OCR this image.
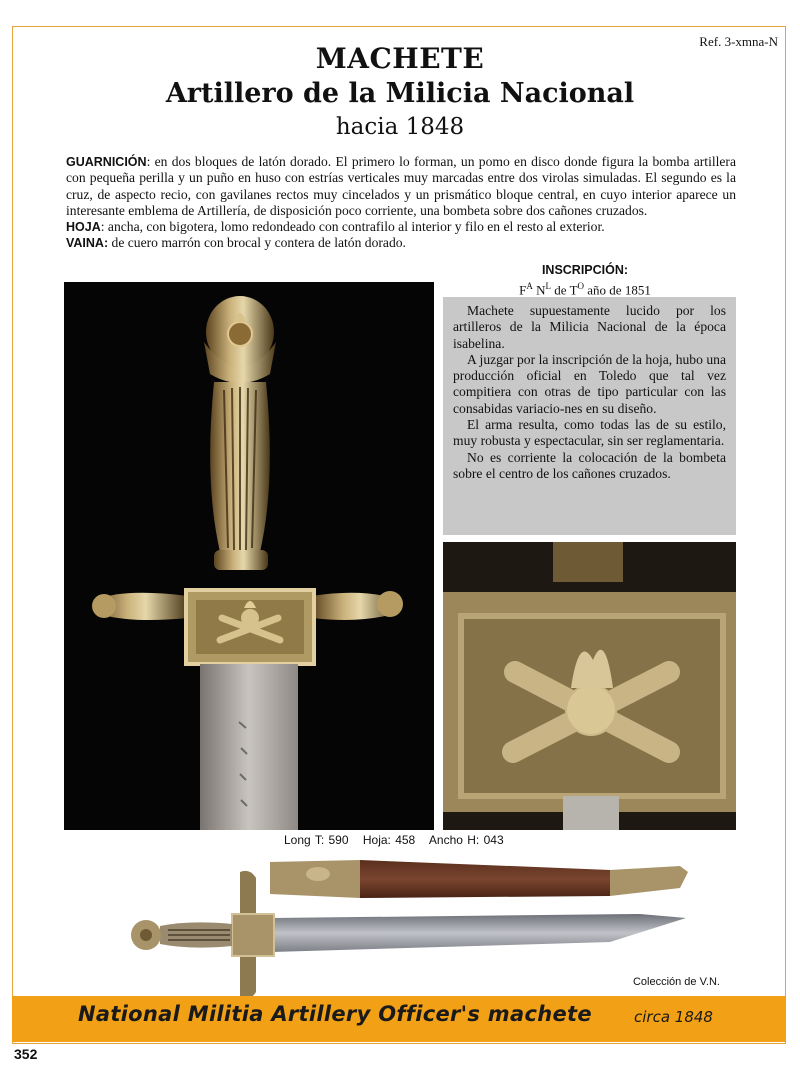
Ref. 3-xmna-N
MACHETE
Artillero de la Milicia Nacional
hacia 1848

GUARNICIÓN: en dos bloques de latón dorado. El primero lo forman, un pomo en disco donde figura la bomba artillera con pequeña perilla y un puño en huso con estrías verticales muy marcadas entre dos virolas simuladas. El segundo es la cruz, de aspecto recio, con gavilanes rectos muy cincelados y un prismático bloque central, en cuyo interior aparece un interesante emblema de Artillería, de disposición poco corriente, una bombeta sobre dos cañones cruzados.

HOJA: ancha, con bigotera, lomo redondeado con contrafilo al interior y filo en el resto al exterior.

VAINA: de cuero marrón con brocal y contera de latón dorado.

INSCRIPCIÓN:
$F^A$ $N^L$ de $T^O$ año de 1851

Machete supuestamente lucido por los artilleros de la Milicia Nacional de la época isabelina.

A juzgar por la inscripción de la hoja, hubo una producción oficial en Toledo que tal vez compitiera con otras de tipo particular con las consabidas variacio-nes en su diseño.

El arma resulta, como todas las de su estilo, muy robusta y espectacular, sin ser reglamentaria.

No es corriente la colocación de la bombeta sobre el centro de los cañones cruzados.

Long T: 590 Hoja: 458 Ancho H: 043
Colección de V.N.
National Militia Artillery Officer's machete	circa 1848
352
